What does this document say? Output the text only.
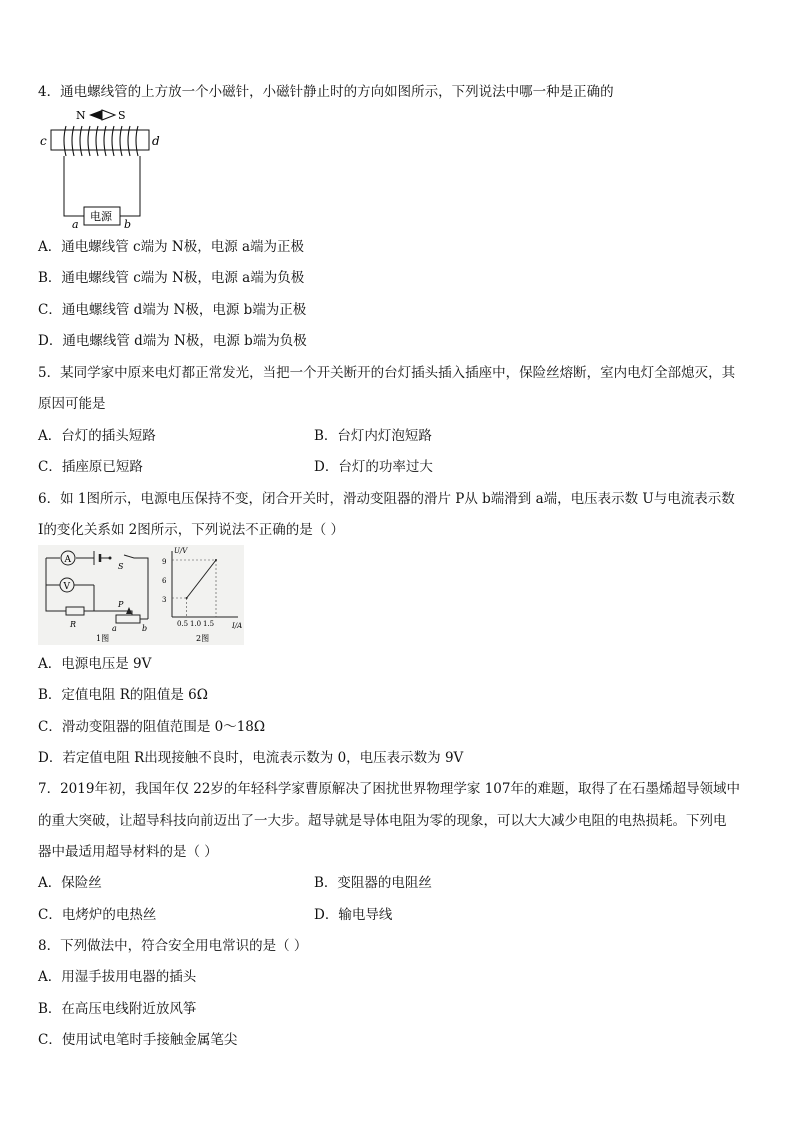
4．通电螺线管的上方放一个小磁针，小磁针静止时的方向如图所示，下列说法中哪一种是正确的
N	S
c	d
电源
a	b
A．通电螺线管 c端为 N极，电源 a端为正极
B．通电螺线管 c端为 N极，电源 a端为负极
C．通电螺线管 d端为 N极，电源 b端为正极
D．通电螺线管 d端为 N极，电源 b端为负极
5．某同学家中原来电灯都正常发光，当把一个开关断开的台灯插头插入插座中，保险丝熔断，室内电灯全部熄灭，其
原因可能是
A．台灯的插头短路	B．台灯内灯泡短路
C．插座原已短路	D．台灯的功率过大
6．如 1图所示，电源电压保持不变，闭合开关时，滑动变阻器的滑片 P从 b端滑到 a端，电压表示数 U与电流表示数
I的变化关系如 2图所示，下列说法不正确的是（ ）
A
V
S
R
P
a	b
1图
U/V
I/A
9
6
3
0.5 1.0 1.5
2图
A．电源电压是 9V
B．定值电阻 R的阻值是 6Ω
C．滑动变阻器的阻值范围是 0～18Ω
D．若定值电阻 R出现接触不良时，电流表示数为 0，电压表示数为 9V
7．2019年初，我国年仅 22岁的年轻科学家曹原解决了困扰世界物理学家 107年的难题，取得了在石墨烯超导领域中
的重大突破，让超导科技向前迈出了一大步。超导就是导体电阻为零的现象，可以大大减少电阻的电热损耗。下列电
器中最适用超导材料的是（ ）
A．保险丝	B．变阻器的电阻丝
C．电烤炉的电热丝	D．输电导线
8．下列做法中，符合安全用电常识的是（ ）
A．用湿手拔用电器的插头
B．在高压电线附近放风筝
C．使用试电笔时手接触金属笔尖
